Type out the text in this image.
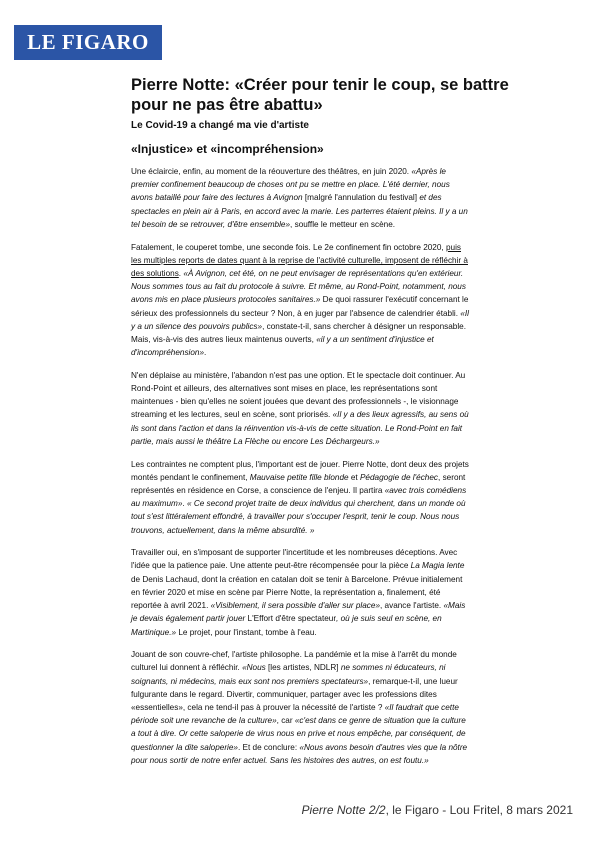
LE FIGARO
Pierre Notte: «Créer pour tenir le coup, se battre pour ne pas être abattu»

Le Covid-19 a changé ma vie d'artiste

«Injustice» et «incompréhension»

Une éclaircie, enfin, au moment de la réouverture des théâtres, en juin 2020. «Après le premier confinement beaucoup de choses ont pu se mettre en place. L'été dernier, nous avons bataillé pour faire des lectures à Avignon [malgré l'annulation du festival] et des spectacles en plein air à Paris, en accord avec la marie. Les parterres étaient pleins. Il y a un tel besoin de se retrouver, d'être ensemble», souffle le metteur en scène.

Fatalement, le couperet tombe, une seconde fois. Le 2e confinement fin octobre 2020, puis les multiples reports de dates quant à la reprise de l'activité culturelle, imposent de réfléchir à des solutions. «À Avignon, cet été, on ne peut envisager de représentations qu'en extérieur. Nous sommes tous au fait du protocole à suivre. Et même, au Rond-Point, notamment, nous avons mis en place plusieurs protocoles sanitaires.» De quoi rassurer l'exécutif concernant le sérieux des professionnels du secteur ? Non, à en juger par l'absence de calendrier établi. «Il y a un silence des pouvoirs publics», constate-t-il, sans chercher à désigner un responsable. Mais, vis-à-vis des autres lieux maintenus ouverts, «il y a un sentiment d'injustice et d'incompréhension».

N'en déplaise au ministère, l'abandon n'est pas une option. Et le spectacle doit continuer. Au Rond-Point et ailleurs, des alternatives sont mises en place, les représentations sont maintenues - bien qu'elles ne soient jouées que devant des professionnels -, le visionnage streaming et les lectures, seul en scène, sont priorisés. «Il y a des lieux agressifs, au sens où ils sont dans l'action et dans la réinvention vis-à-vis de cette situation. Le Rond-Point en fait partie, mais aussi le théâtre La Flèche ou encore Les Déchargeurs.»

Les contraintes ne comptent plus, l'important est de jouer. Pierre Notte, dont deux des projets montés pendant le confinement, Mauvaise petite fille blonde et Pédagogie de l'échec, seront représentés en résidence en Corse, a conscience de l'enjeu. Il partira «avec trois comédiens au maximum». « Ce second projet traite de deux individus qui cherchent, dans un monde où tout s'est littéralement effondré, à travailler pour s'occuper l'esprit, tenir le coup. Nous nous trouvons, actuellement, dans la même absurdité. »

Travailler oui, en s'imposant de supporter l'incertitude et les nombreuses déceptions. Avec l'idée que la patience paie. Une attente peut-être récompensée pour la pièce La Magia lente de Denis Lachaud, dont la création en catalan doit se tenir à Barcelone. Prévue initialement en février 2020 et mise en scène par Pierre Notte, la représentation a, finalement, été reportée à avril 2021. «Visiblement, il sera possible d'aller sur place», avance l'artiste. «Mais je devais également partir jouer L'Effort d'être spectateur, où je suis seul en scène, en Martinique.» Le projet, pour l'instant, tombe à l'eau.

Jouant de son couvre-chef, l'artiste philosophe. La pandémie et la mise à l'arrêt du monde culturel lui donnent à réfléchir. «Nous [les artistes, NDLR] ne sommes ni éducateurs, ni soignants, ni médecins, mais eux sont nos premiers spectateurs», remarque-t-il, une lueur fulgurante dans le regard. Divertir, communiquer, partager avec les professions dites «essentielles», cela ne tend-il pas à prouver la nécessité de l'artiste ? «Il faudrait que cette période soit une revanche de la culture», car «c'est dans ce genre de situation que la culture a tout à dire. Or cette saloperie de virus nous en prive et nous empêche, par conséquent, de questionner la dite saloperie». Et de conclure: «Nous avons besoin d'autres vies que la nôtre pour nous sortir de notre enfer actuel. Sans les histoires des autres, on est foutu.»

Pierre Notte 2/2, le Figaro - Lou Fritel, 8 mars 2021
